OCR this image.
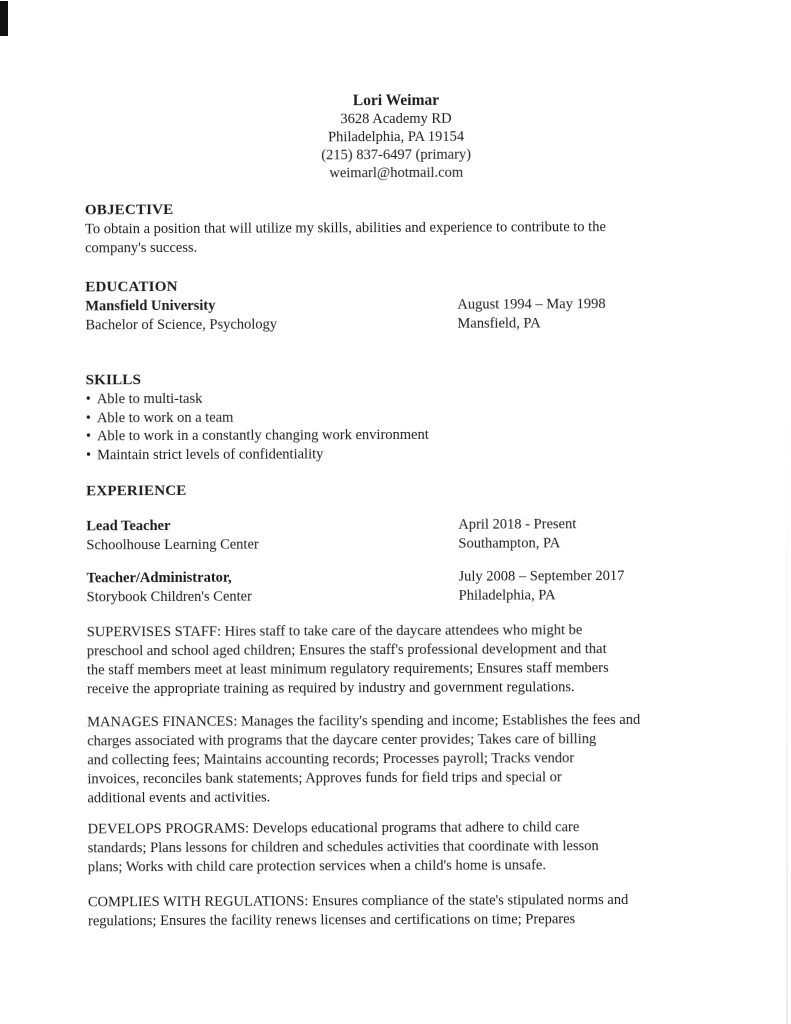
Lori Weimar
3628 Academy RD
Philadelphia, PA 19154
(215) 837-6497 (primary)
weimarl@hotmail.com
OBJECTIVE
To obtain a position that will utilize my skills, abilities and experience to contribute to the
company's success.
EDUCATION
Mansfield University
Bachelor of Science, Psychology
August 1994 – May 1998
Mansfield, PA
SKILLS
• Able to multi-task
• Able to work on a team
• Able to work in a constantly changing work environment
• Maintain strict levels of confidentiality
EXPERIENCE
Lead Teacher
Schoolhouse Learning Center
April 2018 - Present
Southampton, PA
Teacher/Administrator,
Storybook Children's Center
July 2008 – September 2017
Philadelphia, PA
SUPERVISES STAFF: Hires staff to take care of the daycare attendees who might be
preschool and school aged children; Ensures the staff's professional development and that
the staff members meet at least minimum regulatory requirements; Ensures staff members
receive the appropriate training as required by industry and government regulations.
MANAGES FINANCES: Manages the facility's spending and income; Establishes the fees and
charges associated with programs that the daycare center provides; Takes care of billing
and collecting fees; Maintains accounting records; Processes payroll; Tracks vendor
invoices, reconciles bank statements; Approves funds for field trips and special or
additional events and activities.
DEVELOPS PROGRAMS: Develops educational programs that adhere to child care
standards; Plans lessons for children and schedules activities that coordinate with lesson
plans; Works with child care protection services when a child's home is unsafe.
COMPLIES WITH REGULATIONS: Ensures compliance of the state's stipulated norms and
regulations; Ensures the facility renews licenses and certifications on time; Prepares
